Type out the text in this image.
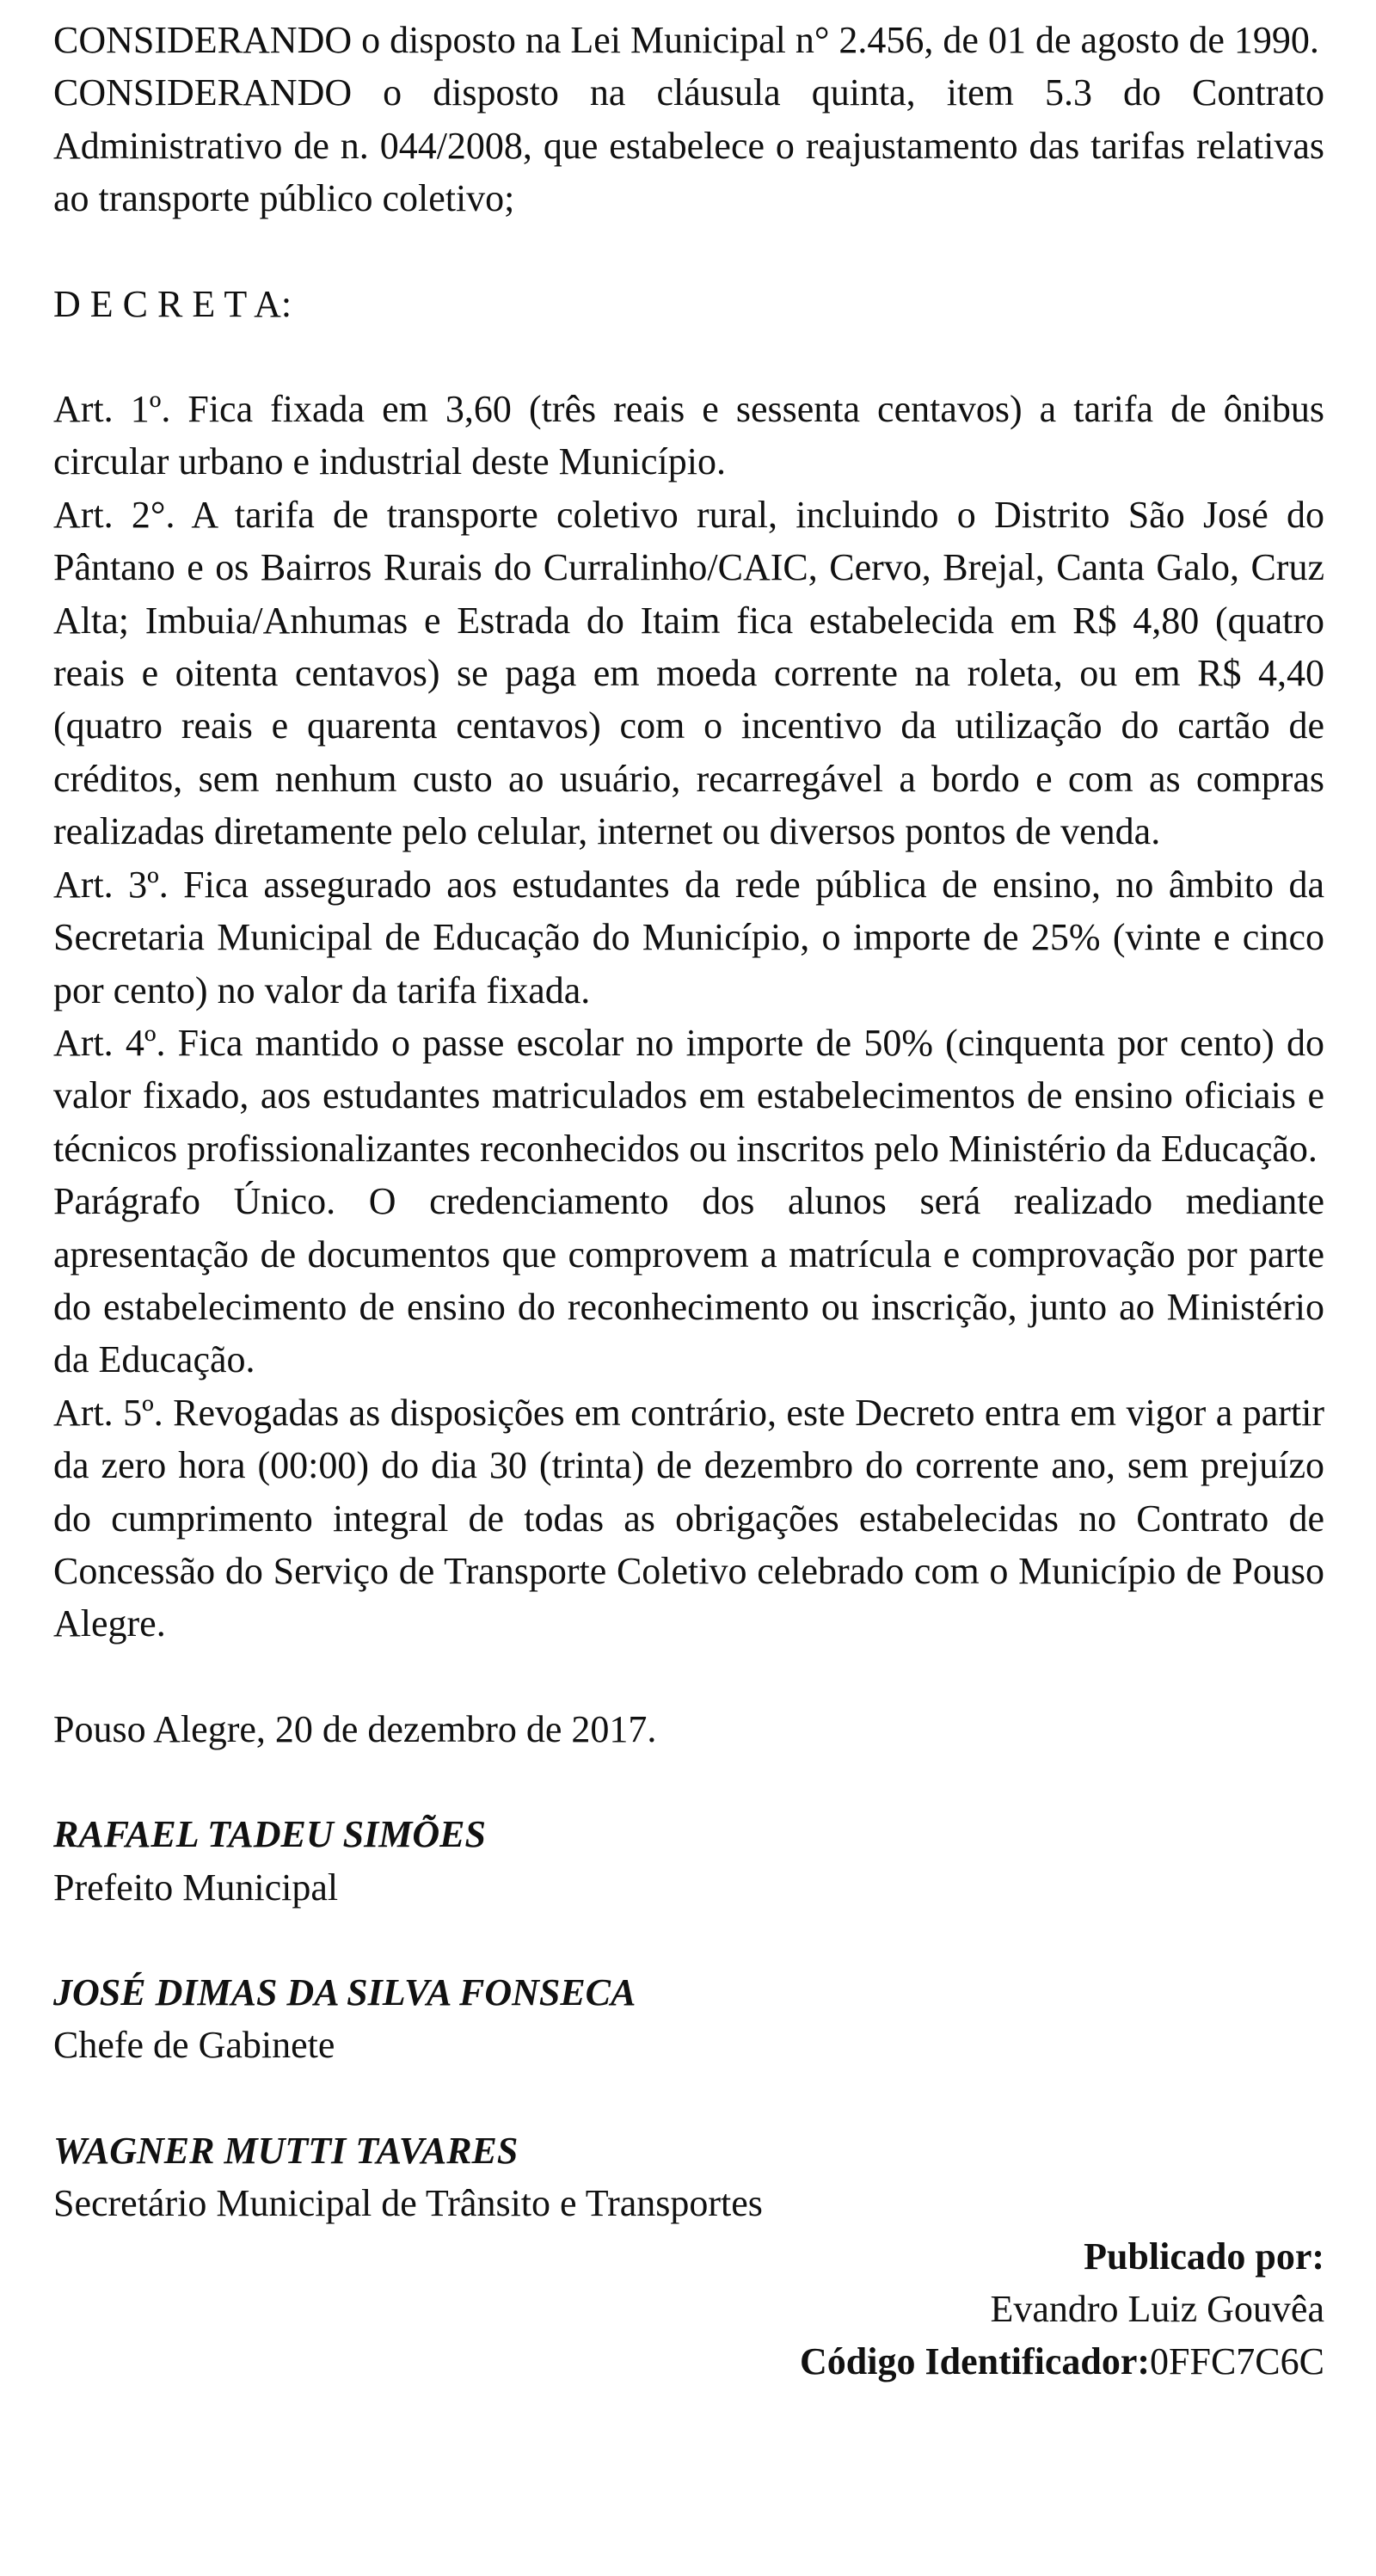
CONSIDERANDO o disposto na Lei Municipal n° 2.456, de 01 de agosto de 1990.

CONSIDERANDO o disposto na cláusula quinta, item 5.3 do Contrato Administrativo de n. 044/2008, que estabelece o reajustamento das tarifas relativas ao transporte público coletivo;

D E C R E T A:

Art. 1º. Fica fixada em 3,60 (três reais e sessenta centavos) a tarifa de ônibus circular urbano e industrial deste Município.

Art. 2°. A tarifa de transporte coletivo rural, incluindo o Distrito São José do Pântano e os Bairros Rurais do Curralinho/CAIC, Cervo, Brejal, Canta Galo, Cruz Alta; Imbuia/Anhumas e Estrada do Itaim fica estabelecida em R$ 4,80 (quatro reais e oitenta centavos) se paga em moeda corrente na roleta, ou em R$ 4,40 (quatro reais e quarenta centavos) com o incentivo da utilização do cartão de créditos, sem nenhum custo ao usuário, recarregável a bordo e com as compras realizadas diretamente pelo celular, internet ou diversos pontos de venda.

Art. 3º. Fica assegurado aos estudantes da rede pública de ensino, no âmbito da Secretaria Municipal de Educação do Município, o importe de 25% (vinte e cinco por cento) no valor da tarifa fixada.

Art. 4º. Fica mantido o passe escolar no importe de 50% (cinquenta por cento) do valor fixado, aos estudantes matriculados em estabelecimentos de ensino oficiais e técnicos profissionalizantes reconhecidos ou inscritos pelo Ministério da Educação.

Parágrafo Único. O credenciamento dos alunos será realizado mediante apresentação de documentos que comprovem a matrícula e comprovação por parte do estabelecimento de ensino do reconhecimento ou inscrição, junto ao Ministério da Educação.

Art. 5º. Revogadas as disposições em contrário, este Decreto entra em vigor a partir da zero hora (00:00) do dia 30 (trinta) de dezembro do corrente ano, sem prejuízo do cumprimento integral de todas as obrigações estabelecidas no Contrato de Concessão do Serviço de Transporte Coletivo celebrado com o Município de Pouso Alegre.

Pouso Alegre, 20 de dezembro de 2017.

RAFAEL TADEU SIMÕES

Prefeito Municipal

JOSÉ DIMAS DA SILVA FONSECA

Chefe de Gabinete

WAGNER MUTTI TAVARES

Secretário Municipal de Trânsito e Transportes

Publicado por:

Evandro Luiz Gouvêa

Código Identificador:0FFC7C6C
